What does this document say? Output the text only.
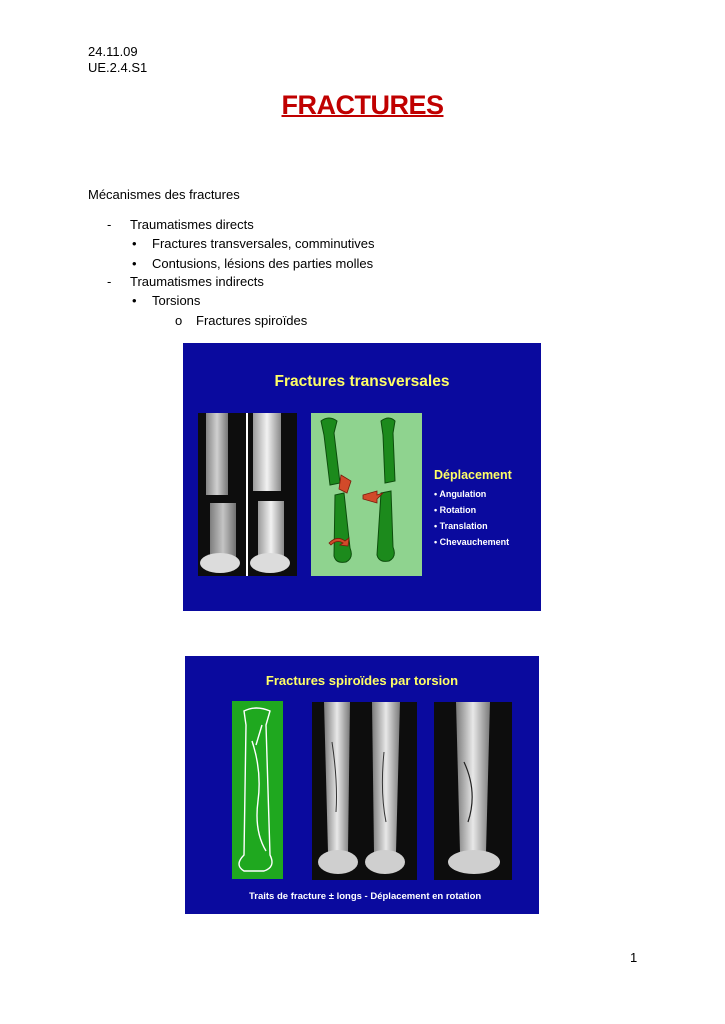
24.11.09
UE.2.4.S1
FRACTURES
Mécanismes des fractures
- Traumatismes directs
• Fractures transversales, comminutives
• Contusions, lésions des parties molles
- Traumatismes indirects
• Torsions
o Fractures spiroïdes
Fractures transversales
Déplacement
• Angulation
• Rotation
• Translation
• Chevauchement
Fractures spiroïdes par torsion
Traits de fracture ± longs - Déplacement en rotation
1
